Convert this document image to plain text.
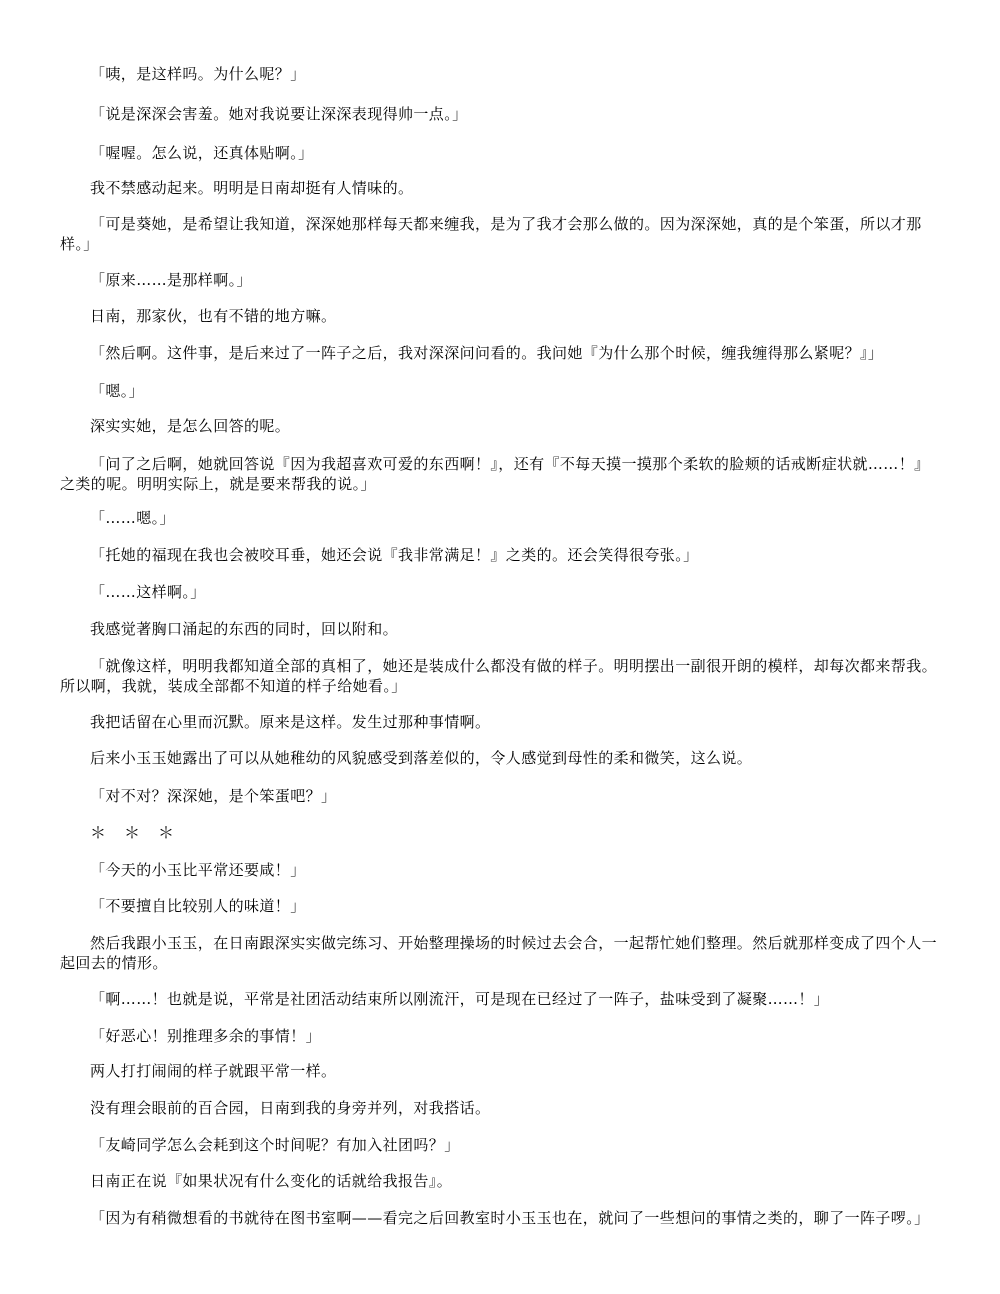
「咦，是这样吗。为什么呢？」

「说是深深会害羞。她对我说要让深深表现得帅一点。」

「喔喔。怎么说，还真体贴啊。」

我不禁感动起来。明明是日南却挺有人情味的。

「可是葵她，是希望让我知道，深深她那样每天都来缠我，是为了我才会那么做的。因为深深她，真的是个笨蛋，所以才那样。」

「原来……是那样啊。」

日南，那家伙，也有不错的地方嘛。

「然后啊。这件事，是后来过了一阵子之后，我对深深问问看的。我问她『为什么那个时候，缠我缠得那么紧呢？』」

「嗯。」

深实实她，是怎么回答的呢。

「问了之后啊，她就回答说『因为我超喜欢可爱的东西啊！』，还有『不每天摸一摸那个柔软的脸颊的话戒断症状就……！』之类的呢。明明实际上，就是要来帮我的说。」

「……嗯。」

「托她的福现在我也会被咬耳垂，她还会说『我非常满足！』之类的。还会笑得很夸张。」

「……这样啊。」

我感觉著胸口涌起的东西的同时，回以附和。

「就像这样，明明我都知道全部的真相了，她还是装成什么都没有做的样子。明明摆出一副很开朗的模样，却每次都来帮我。所以啊，我就，装成全部都不知道的样子给她看。」

我把话留在心里而沉默。原来是这样。发生过那种事情啊。

后来小玉玉她露出了可以从她稚幼的风貌感受到落差似的，令人感觉到母性的柔和微笑，这么说。

「对不对？深深她，是个笨蛋吧？」

＊＊＊

「今天的小玉比平常还要咸！」

「不要擅自比较别人的味道！」

然后我跟小玉玉，在日南跟深实实做完练习、开始整理操场的时候过去会合，一起帮忙她们整理。然后就那样变成了四个人一起回去的情形。

「啊……！也就是说，平常是社团活动结束所以刚流汗，可是现在已经过了一阵子，盐味受到了凝聚……！」

「好恶心！别推理多余的事情！」

两人打打闹闹的样子就跟平常一样。

没有理会眼前的百合园，日南到我的身旁并列，对我搭话。

「友崎同学怎么会耗到这个时间呢？有加入社团吗？」

日南正在说『如果状况有什么变化的话就给我报告』。

「因为有稍微想看的书就待在图书室啊——看完之后回教室时小玉玉也在，就问了一些想问的事情之类的，聊了一阵子啰。」
